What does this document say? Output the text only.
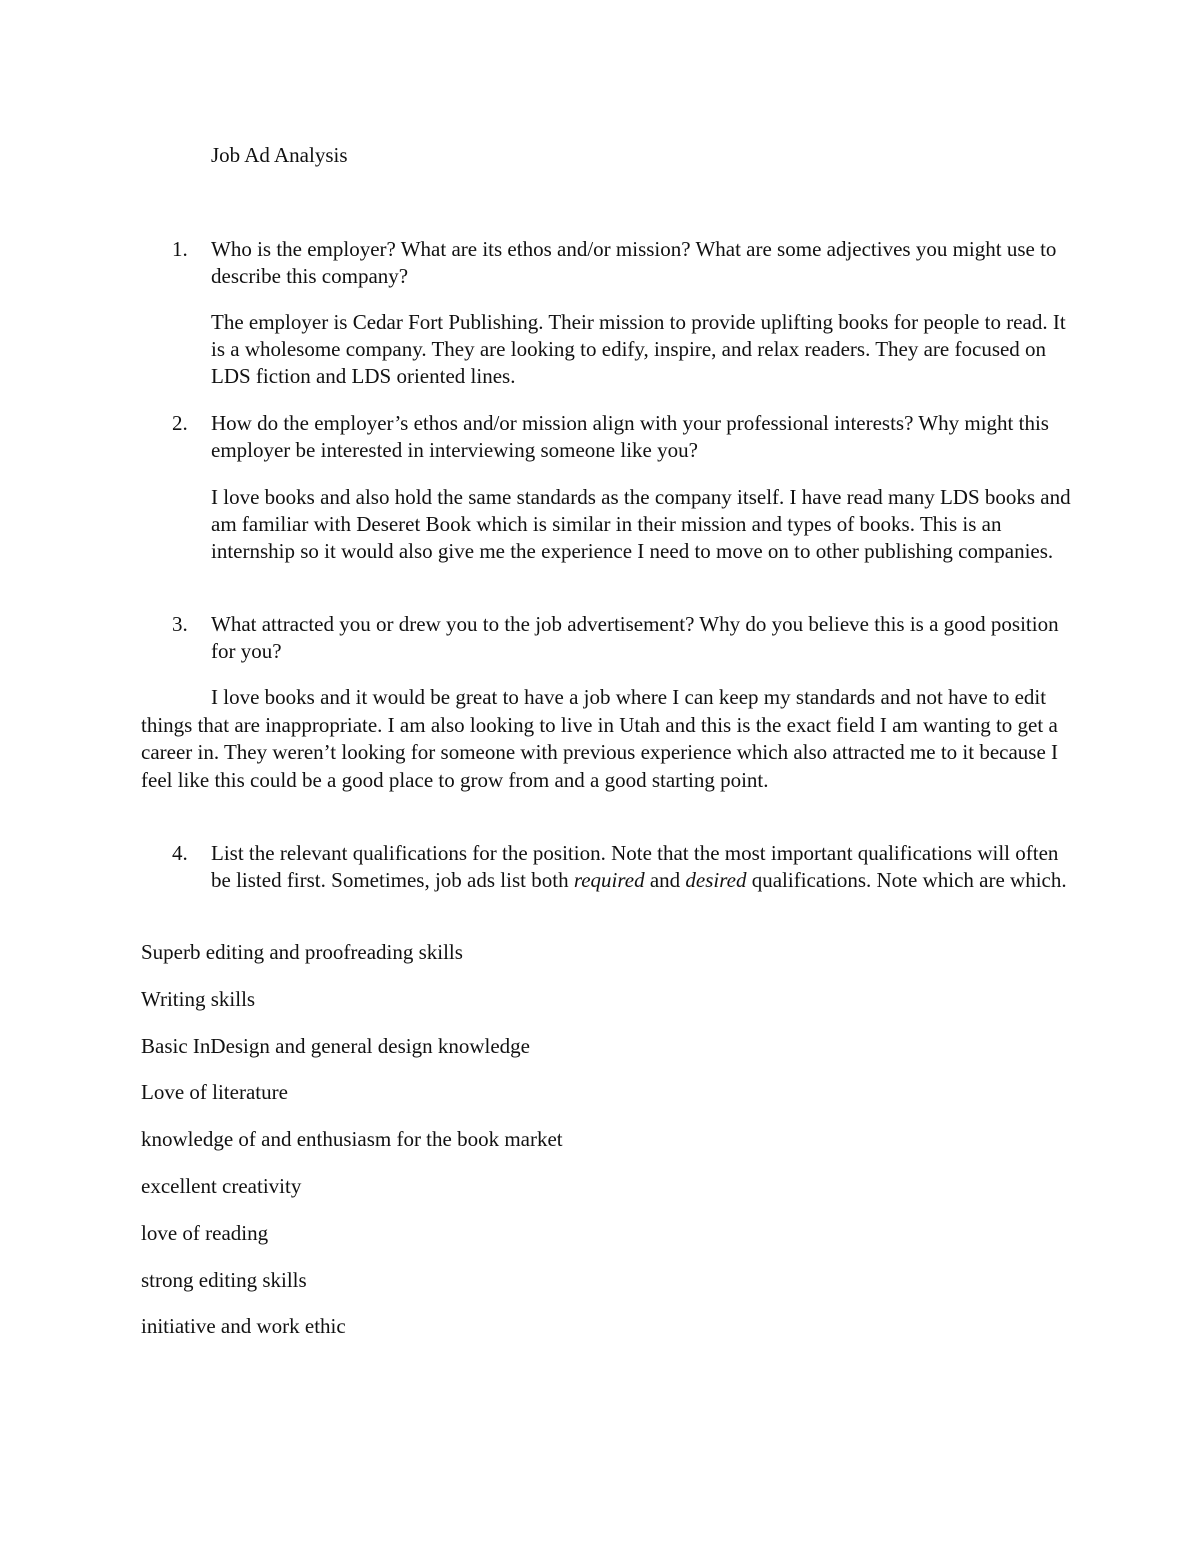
Job Ad Analysis
1.	Who is the employer? What are its ethos and/or mission? What are some adjectives you might use to describe this company?

The employer is Cedar Fort Publishing. Their mission to provide uplifting books for people to read. It is a wholesome company. They are looking to edify, inspire, and relax readers. They are focused on LDS fiction and LDS oriented lines.

2.	How do the employer’s ethos and/or mission align with your professional interests? Why might this employer be interested in interviewing someone like you?

I love books and also hold the same standards as the company itself. I have read many LDS books and am familiar with Deseret Book which is similar in their mission and types of books. This is an internship so it would also give me the experience I need to move on to other publishing companies.

3.	What attracted you or drew you to the job advertisement? Why do you believe this is a good position for you?

I love books and it would be great to have a job where I can keep my standards and not have to edit things that are inappropriate. I am also looking to live in Utah and this is the exact field I am wanting to get a career in. They weren’t looking for someone with previous experience which also attracted me to it because I feel like this could be a good place to grow from and a good starting point.

4.	List the relevant qualifications for the position. Note that the most important qualifications will often be listed first. Sometimes, job ads list both required and desired qualifications. Note which are which.
Superb editing and proofreading skills
Writing skills
Basic InDesign and general design knowledge
Love of literature
knowledge of and enthusiasm for the book market
excellent creativity
love of reading
strong editing skills
initiative and work ethic
